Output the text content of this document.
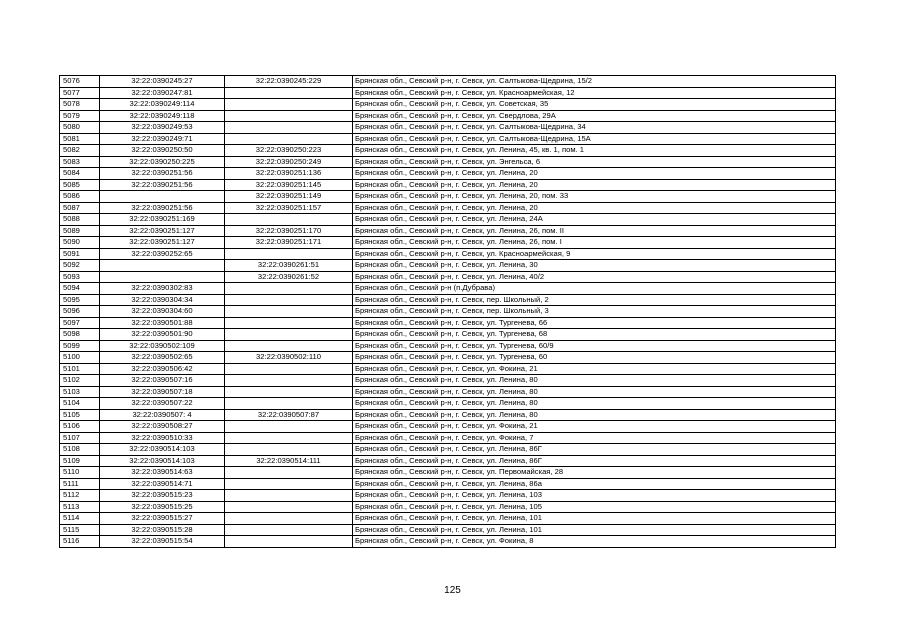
5076	32:22:0390245:27	32:22:0390245:229	Брянская обл., Севский р-н, г. Севск, ул. Салтыкова-Щедрина, 15/2
5077	32:22:0390247:81		Брянская обл., Севский р-н, г. Севск, ул. Красноармейская, 12
5078	32:22:0390249:114		Брянская обл., Севский р-н, г. Севск, ул. Советская, 35
5079	32:22:0390249:118		Брянская обл., Севский р-н, г. Севск, ул. Свердлова, 29А
5080	32:22:0390249:53		Брянская обл., Севский р-н, г. Севск, ул. Салтыкова-Щедрина, 34
5081	32:22:0390249:71		Брянская обл., Севский р-н, г. Севск, ул. Салтыкова-Щедрина, 15А
5082	32:22:0390250:50	32:22:0390250:223	Брянская обл., Севский р-н, г. Севск, ул. Ленина, 45, кв. 1, пом. 1
5083	32:22:0390250:225	32:22:0390250:249	Брянская обл., Севский р-н, г. Севск, ул. Энгельса, 6
5084	32:22:0390251:56	32:22:0390251:136	Брянская обл., Севский р-н, г. Севск, ул. Ленина, 20
5085	32:22:0390251:56	32:22:0390251:145	Брянская обл., Севский р-н, г. Севск, ул. Ленина, 20
5086		32:22:0390251:149	Брянская обл., Севский р-н, г. Севск, ул. Ленина, 20, пом. 33
5087	32:22:0390251:56	32:22:0390251:157	Брянская обл., Севский р-н, г. Севск, ул. Ленина, 20
5088	32:22:0390251:169		Брянская обл., Севский р-н, г. Севск, ул. Ленина, 24А
5089	32:22:0390251:127	32:22:0390251:170	Брянская обл., Севский р-н, г. Севск, ул. Ленина, 26, пом. II
5090	32:22:0390251:127	32:22:0390251:171	Брянская обл., Севский р-н, г. Севск, ул. Ленина, 26, пом. I
5091	32:22:0390252:65		Брянская обл., Севский р-н, г. Севск, ул. Красноармейская, 9
5092		32:22:0390261:51	Брянская обл., Севский р-н, г. Севск, ул. Ленина, 30
5093		32:22:0390261:52	Брянская обл., Севский р-н, г. Севск, ул. Ленина, 40/2
5094	32:22:0390302:83		Брянская обл., Севский р-н (п.Дубрава)
5095	32:22:0390304:34		Брянская обл., Севский р-н, г. Севск, пер. Школьный, 2
5096	32:22:0390304:60		Брянская обл., Севский р-н, г. Севск, пер. Школьный, 3
5097	32:22:0390501:88		Брянская обл., Севский р-н, г. Севск, ул. Тургенева, 66
5098	32:22:0390501:90		Брянская обл., Севский р-н, г. Севск, ул. Тургенева, 68
5099	32:22:0390502:109		Брянская обл., Севский р-н, г. Севск, ул. Тургенева, 60/9
5100	32:22:0390502:65	32:22:0390502:110	Брянская обл., Севский р-н, г. Севск, ул. Тургенева, 60
5101	32:22:0390506:42		Брянская обл., Севский р-н, г. Севск, ул. Фокина, 21
5102	32:22:0390507:16		Брянская обл., Севский р-н, г. Севск, ул. Ленина, 80
5103	32:22:0390507:18		Брянская обл., Севский р-н, г. Севск, ул. Ленина, 80
5104	32:22:0390507:22		Брянская обл., Севский р-н, г. Севск, ул. Ленина, 80
5105	32:22:0390507: 4	32:22:0390507:87	Брянская обл., Севский р-н, г. Севск, ул. Ленина, 80
5106	32:22:0390508:27		Брянская обл., Севский р-н, г. Севск, ул. Фокина, 21
5107	32:22:0390510:33		Брянская обл., Севский р-н, г. Севск, ул. Фокина, 7
5108	32:22:0390514:103		Брянская обл., Севский р-н, г. Севск, ул. Ленина, 86Г
5109	32:22:0390514:103	32:22:0390514:111	Брянская обл., Севский р-н, г. Севск, ул. Ленина, 86Г
5110	32:22:0390514:63		Брянская обл., Севский р-н, г. Севск, ул. Первомайская, 28
5111	32:22:0390514:71		Брянская обл., Севский р-н, г. Севск, ул. Ленина, 86а
5112	32:22:0390515:23		Брянская обл., Севский р-н, г. Севск, ул. Ленина, 103
5113	32:22:0390515:25		Брянская обл., Севский р-н, г. Севск, ул. Ленина, 105
5114	32:22:0390515:27		Брянская обл., Севский р-н, г. Севск, ул. Ленина, 101
5115	32:22:0390515:28		Брянская обл., Севский р-н, г. Севск, ул. Ленина, 101
5116	32:22:0390515:54		Брянская обл., Севский р-н, г. Севск, ул. Фокина, 8
125
